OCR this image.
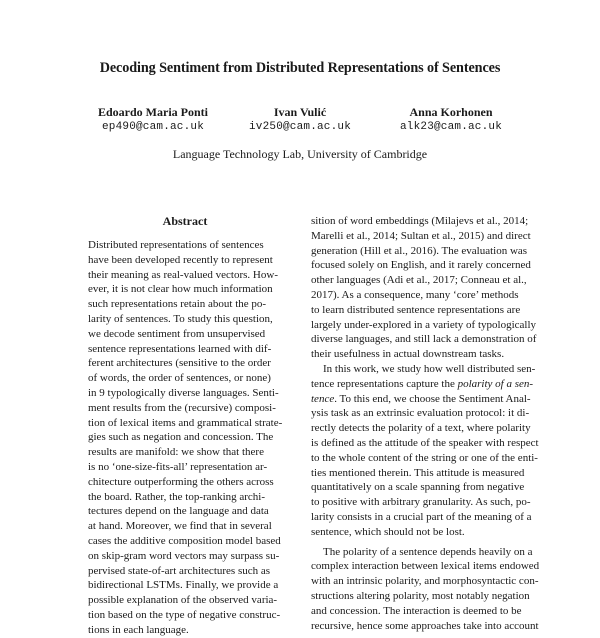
Decoding Sentiment from Distributed Representations of Sentences
Edoardo Maria Ponti
ep490@cam.ac.uk
Ivan Vulić
iv250@cam.ac.uk
Anna Korhonen
alk23@cam.ac.uk
Language Technology Lab, University of Cambridge
Abstract
Distributed representations of sentences
have been developed recently to represent
their meaning as real-valued vectors. How-
ever, it is not clear how much information
such representations retain about the po-
larity of sentences. To study this question,
we decode sentiment from unsupervised
sentence representations learned with dif-
ferent architectures (sensitive to the order
of words, the order of sentences, or none)
in 9 typologically diverse languages. Senti-
ment results from the (recursive) composi-
tion of lexical items and grammatical strate-
gies such as negation and concession. The
results are manifold: we show that there
is no ‘one-size-fits-all’ representation ar-
chitecture outperforming the others across
the board. Rather, the top-ranking archi-
tectures depend on the language and data
at hand. Moreover, we find that in several
cases the additive composition model based
on skip-gram word vectors may surpass su-
pervised state-of-art architectures such as
bidirectional LSTMs. Finally, we provide a
possible explanation of the observed varia-
tion based on the type of negative construc-
tions in each language.
sition of word embeddings (Milajevs et al., 2014;
Marelli et al., 2014; Sultan et al., 2015) and direct
generation (Hill et al., 2016). The evaluation was
focused solely on English, and it rarely concerned
other languages (Adi et al., 2017; Conneau et al.,
2017). As a consequence, many ‘core’ methods
to learn distributed sentence representations are
largely under-explored in a variety of typologically
diverse languages, and still lack a demonstration of
their usefulness in actual downstream tasks.
In this work, we study how well distributed sen-
tence representations capture the polarity of a sen-
tence. To this end, we choose the Sentiment Anal-
ysis task as an extrinsic evaluation protocol: it di-
rectly detects the polarity of a text, where polarity
is defined as the attitude of the speaker with respect
to the whole content of the string or one of the enti-
ties mentioned therein. This attitude is measured
quantitatively on a scale spanning from negative
to positive with arbitrary granularity. As such, po-
larity consists in a crucial part of the meaning of a
sentence, which should not be lost.
The polarity of a sentence depends heavily on a
complex interaction between lexical items endowed
with an intrinsic polarity, and morphosyntactic con-
structions altering polarity, most notably negation
and concession. The interaction is deemed to be
recursive, hence some approaches take into account
